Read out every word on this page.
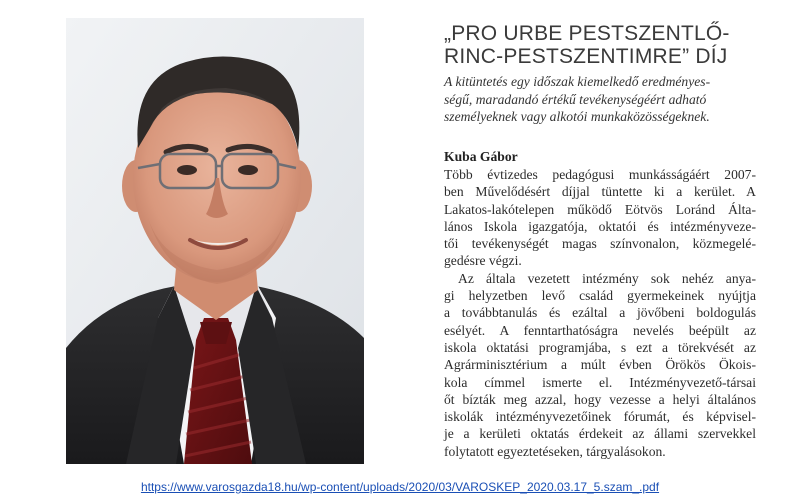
„PRO URBE PESTSZENTLŐ-
RINC-PESTSZENTIMRE” DÍJ

A kitüntetés egy időszak kiemelkedő eredményes-
ségű, maradandó értékű tevékenységéért adható
személyeknek vagy alkotói munkaközösségeknek.

Kuba Gábor

Több évtizedes pedagógusi munkásságáért 2007-
ben Művelődésért díjjal tüntette ki a kerület. A
Lakatos-lakótelepen működő Eötvös Loránd Álta-
lános Iskola igazgatója, oktatói és intézményveze-
tői tevékenységét magas színvonalon, közmegelé-
gedésre végzi.
Az általa vezetett intézmény sok nehéz anya-
gi helyzetben levő család gyermekeinek nyújtja
a továbbtanulás és ezáltal a jövőbeni boldogulás
esélyét. A fenntarthatóságra nevelés beépült az
iskola oktatási programjába, s ezt a törekvését az
Agrárminisztérium a múlt évben Örökös Ökois-
kola címmel ismerte el. Intézményvezető-társai
őt bízták meg azzal, hogy vezesse a helyi általános
iskolák intézményvezetőinek fórumát, és képvisel-
je a kerületi oktatás érdekeit az állami szervekkel
folytatott egyeztetéseken, tárgyalásokon.
https://www.varosgazda18.hu/wp-content/uploads/2020/03/VAROSKEP_2020.03.17_5.szam_.pdf
